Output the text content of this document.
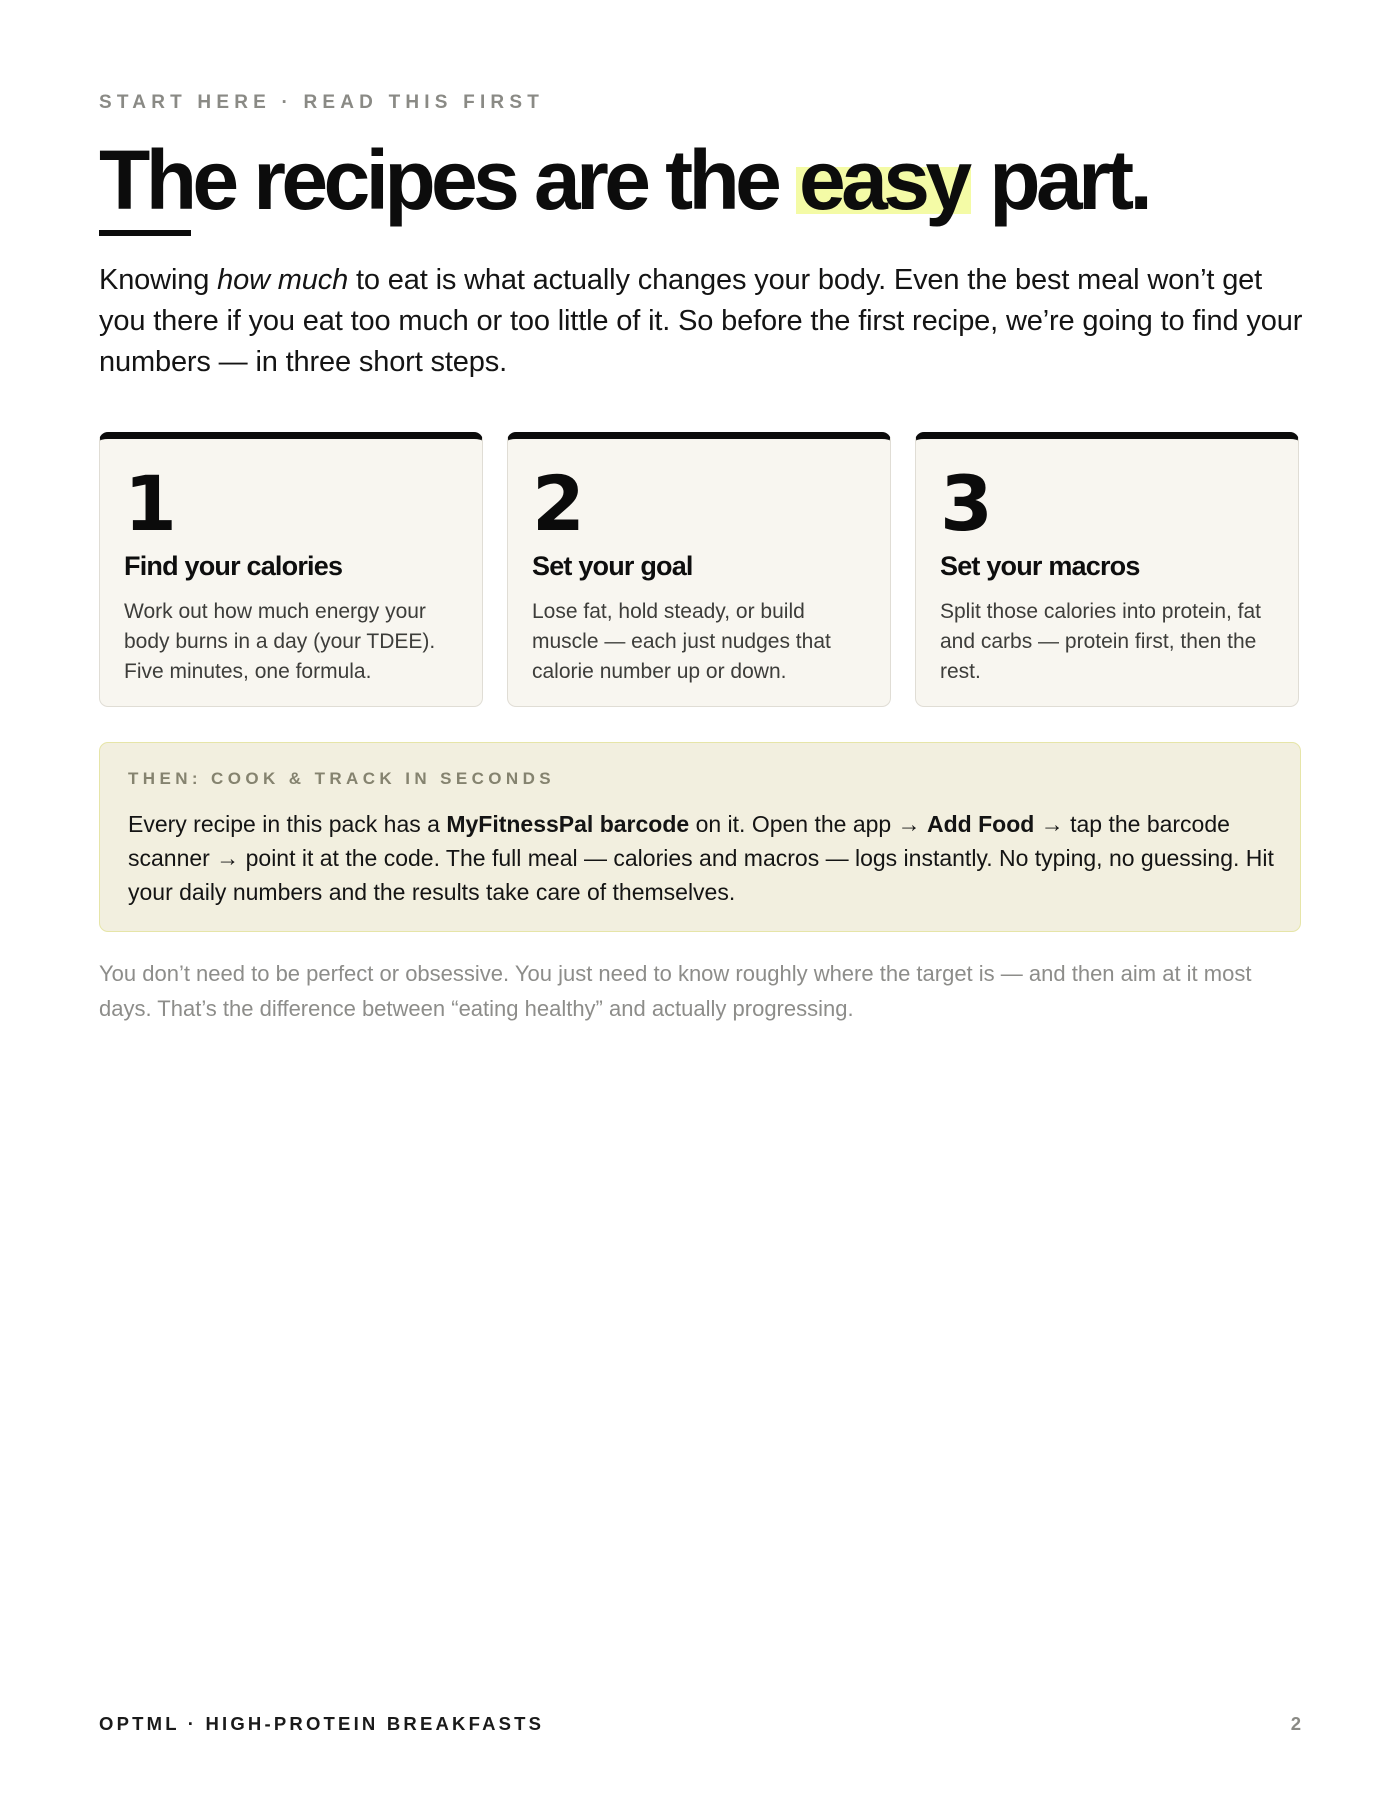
START HERE · READ THIS FIRST
The recipes are the easy part.

Knowing how much to eat is what actually changes your body. Even the best meal won’t get you there if you eat too much or too little of it. So before the first recipe, we’re going to find your numbers — in three short steps.

1
Find your calories
Work out how much energy your body burns in a day (your TDEE). Five minutes, one formula.
2
Set your goal
Lose fat, hold steady, or build muscle — each just nudges that calorie number up or down.
3
Set your macros
Split those calories into protein, fat and carbs — protein first, then the rest.
THEN: COOK & TRACK IN SECONDS

Every recipe in this pack has a MyFitnessPal barcode on it. Open the app → Add Food → tap the barcode scanner → point it at the code. The full meal — calories and macros — logs instantly. No typing, no guessing. Hit your daily numbers and the results take care of themselves.

You don’t need to be perfect or obsessive. You just need to know roughly where the target is — and then aim at it most days. That’s the difference between “eating healthy” and actually progressing.

OPTML · HIGH-PROTEIN BREAKFASTS	2
